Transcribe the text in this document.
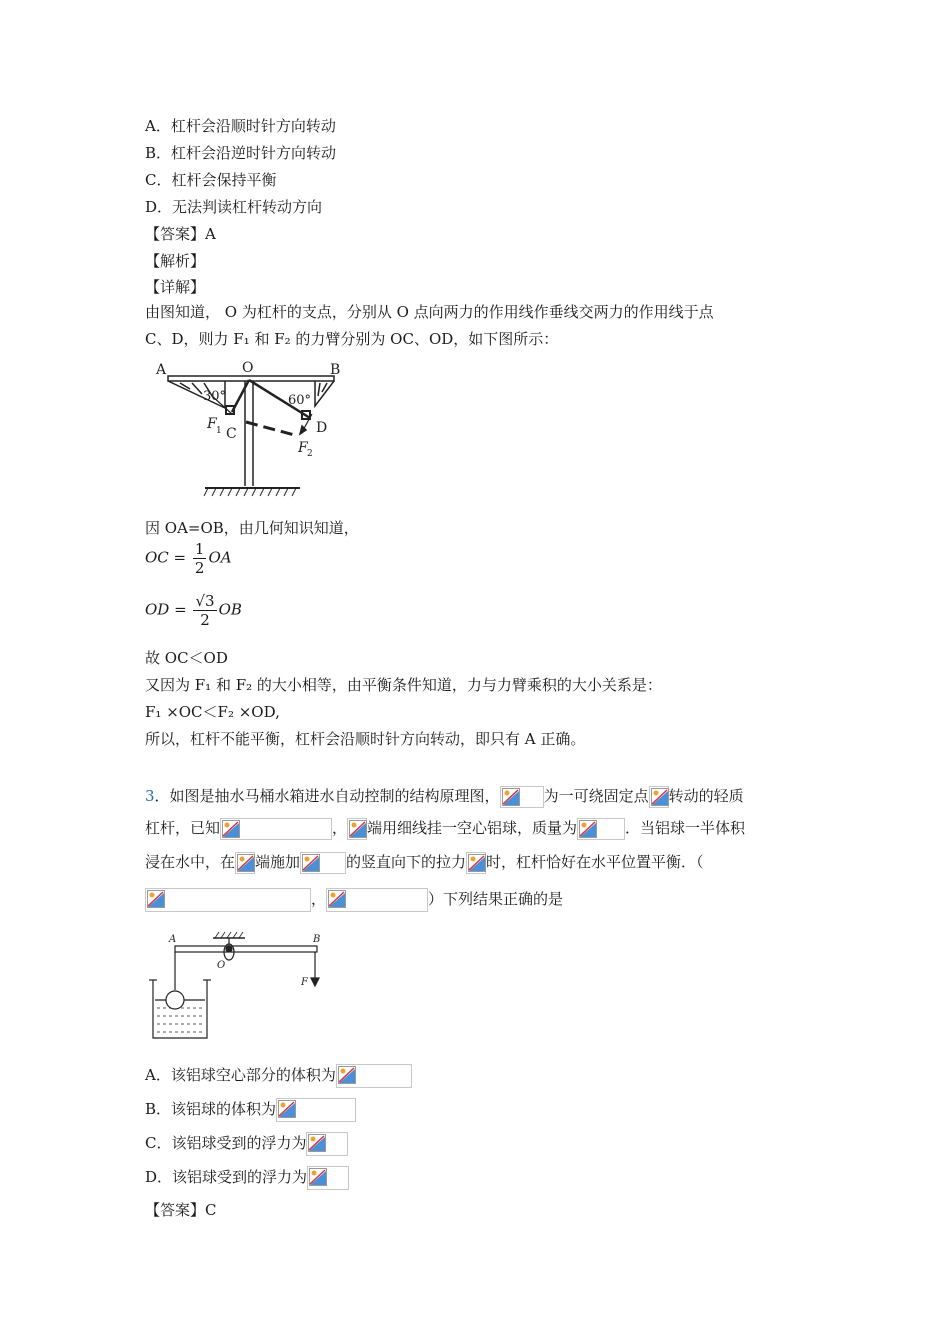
A．杠杆会沿顺时针方向转动
B．杠杆会沿逆时针方向转动
C．杠杆会保持平衡
D．无法判读杠杆转动方向
【答案】A
【解析】
【详解】
由图知道， O 为杠杆的支点，分别从 O 点向两力的作用线作垂线交两力的作用线于点
C、D，则力 F₁ 和 F₂ 的力臂分别为 OC、OD，如下图所示：
A	O	B
30°	60°
F 1 C	D
F 2
因 OA=OB，由几何知识知道，
OC = $\frac{1}{2}$ OA
OD = $\frac{√3}{2}$ OB
故 OC＜OD
又因为 F₁ 和 F₂ 的大小相等，由平衡条件知道，力与力臂乘积的大小关系是：
F₁ ×OC＜F₂ ×OD,
所以，杠杆不能平衡，杠杆会沿顺时针方向转动，即只有 A 正确。
3．如图是抽水马桶水箱进水自动控制的结构原理图，	为一可绕固定点 转动的轻质
杠杆，已知	， 端用细线挂一空心铝球，质量为	．当铝球一半体积
浸在水中，在 端施加	的竖直向下的拉力 时，杠杆恰好在水平位置平衡．（
，	）下列结果正确的是
A	B
O
F
A．该铝球空心部分的体积为
B．该铝球的体积为
C．该铝球受到的浮力为
D．该铝球受到的浮力为
【答案】C
